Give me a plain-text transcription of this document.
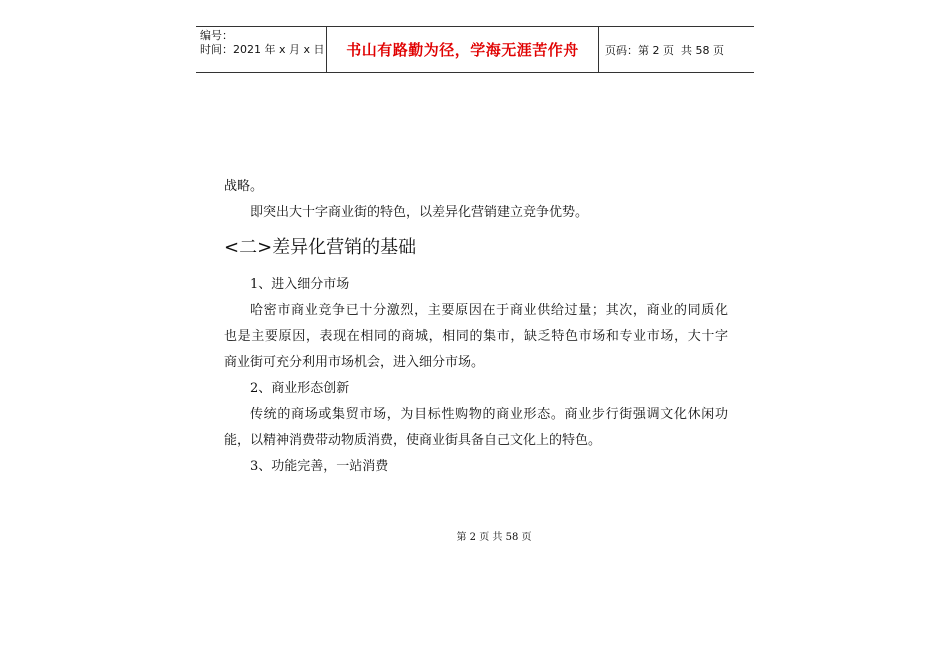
编号：
时间：2021 年 x 月 x 日	书山有路勤为径，学海无涯苦作舟	页码：第 2 页  共 58 页
战略。
即突出大十字商业街的特色，以差异化营销建立竞争优势。
<二>差异化营销的基础
1、进入细分市场
哈密市商业竞争已十分激烈，主要原因在于商业供给过量；其次，商业的同质化
也是主要原因，表现在相同的商城，相同的集市，缺乏特色市场和专业市场，大十字
商业街可充分利用市场机会，进入细分市场。
2、商业形态创新
传统的商场或集贸市场，为目标性购物的商业形态。商业步行街强调文化休闲功
能，以精神消费带动物质消费，使商业街具备自己文化上的特色。
3、功能完善，一站消费
第 2 页 共 58 页
